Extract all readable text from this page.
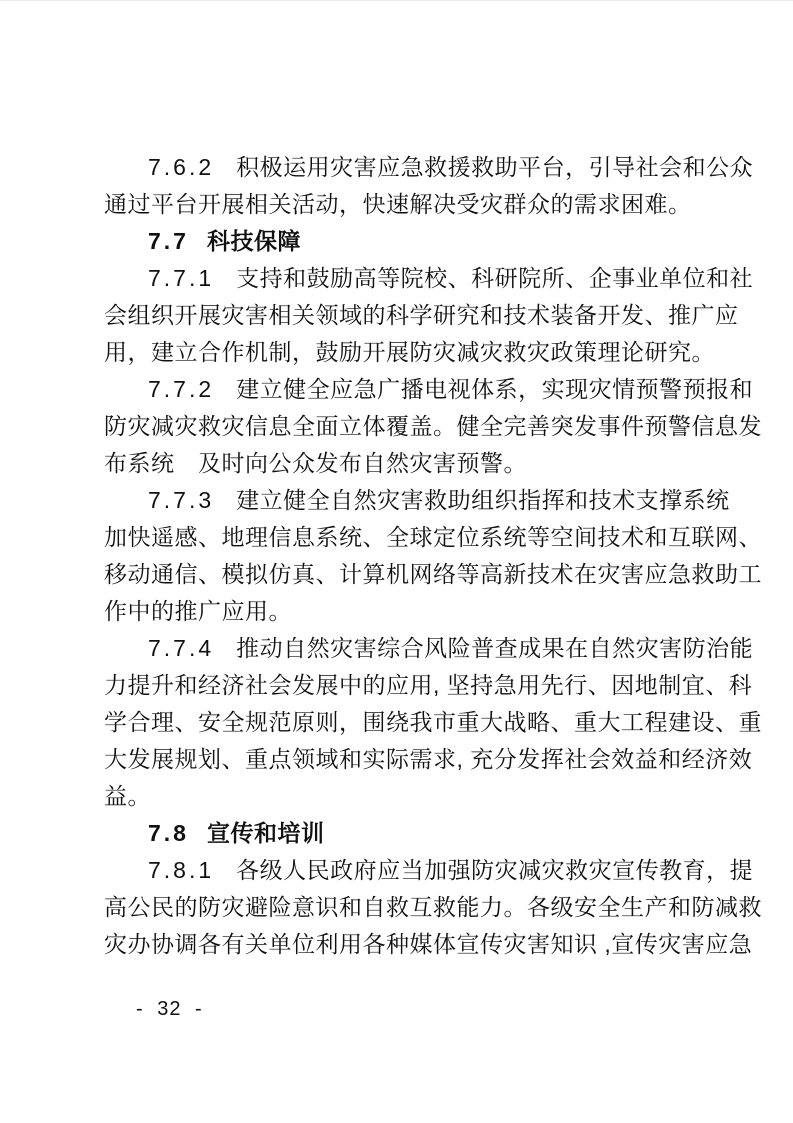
7.6.2 积极运用灾害应急救援救助平台，引导社会和公众
通过平台开展相关活动，快速解决受灾群众的需求困难。
7.7 科技保障
7.7.1 支持和鼓励高等院校、科研院所、企事业单位和社
会组织开展灾害相关领域的科学研究和技术装备开发、推广应
用，建立合作机制，鼓励开展防灾减灾救灾政策理论研究。
7.7.2 建立健全应急广播电视体系，实现灾情预警预报和
防灾减灾救灾信息全面立体覆盖。健全完善突发事件预警信息发
布系统　及时向公众发布自然灾害预警。
7.7.3 建立健全自然灾害救助组织指挥和技术支撑系统
加快遥感、地理信息系统、全球定位系统等空间技术和互联网、
移动通信、模拟仿真、计算机网络等高新技术在灾害应急救助工
作中的推广应用。
7.7.4 推动自然灾害综合风险普查成果在自然灾害防治能
力提升和经济社会发展中的应用, 坚持急用先行、因地制宜、科
学合理、安全规范原则，围绕我市重大战略、重大工程建设、重
大发展规划、重点领域和实际需求, 充分发挥社会效益和经济效
益。
7.8 宣传和培训
7.8.1 各级人民政府应当加强防灾减灾救灾宣传教育，提
高公民的防灾避险意识和自救互救能力。各级安全生产和防减救
灾办协调各有关单位利用各种媒体宣传灾害知识 ,宣传灾害应急
- 32 -
